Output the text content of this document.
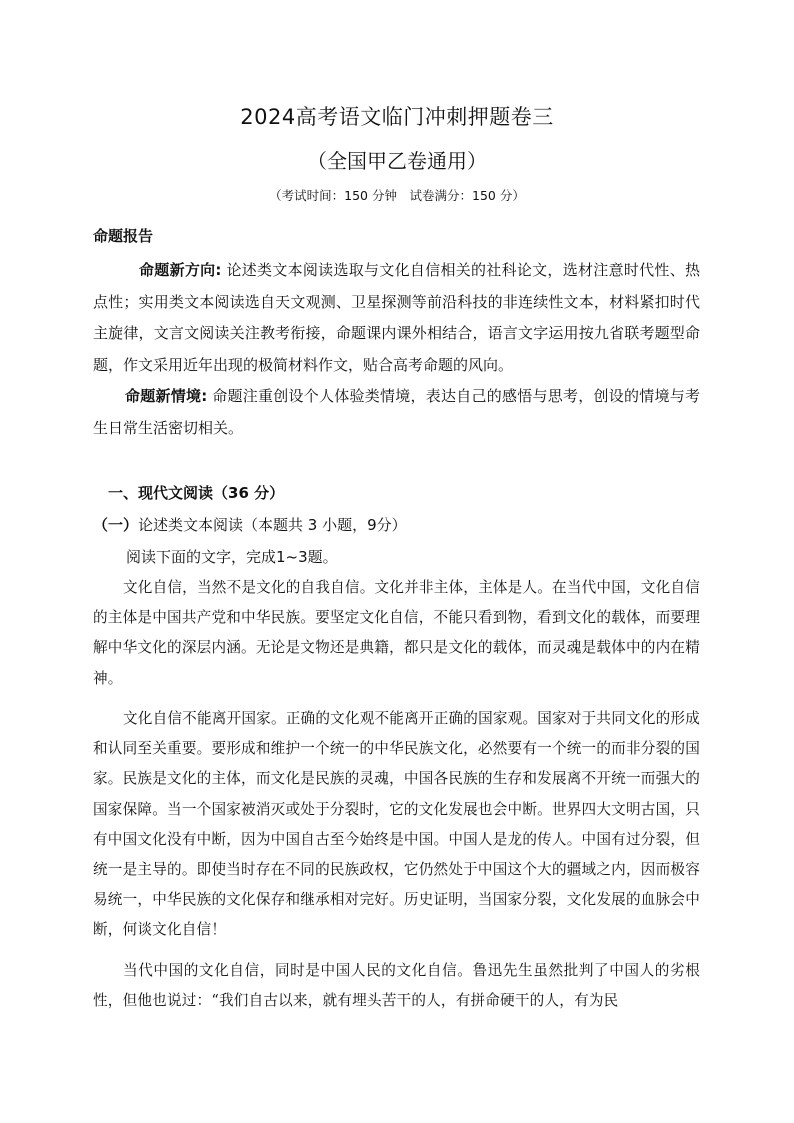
2024高考语文临门冲刺押题卷三
（全国甲乙卷通用）
（考试时间：150 分钟　试卷满分：150 分）
命题报告
命题新方向: 论述类文本阅读选取与文化自信相关的社科论文，选材注意时代性、热点性；实用类文本阅读选自天文观测、卫星探测等前沿科技的非连续性文本，材料紧扣时代主旋律，文言文阅读关注教考衔接，命题课内课外相结合，语言文字运用按九省联考题型命题，作文采用近年出现的极简材料作文，贴合高考命题的风向。
命题新情境: 命题注重创设个人体验类情境，表达自己的感悟与思考，创设的情境与考生日常生活密切相关。
一、现代文阅读（36 分）
（一）论述类文本阅读（本题共 3 小题，9分）
阅读下面的文字，完成1~3题。
文化自信，当然不是文化的自我自信。文化并非主体，主体是人。在当代中国，文化自信的主体是中国共产党和中华民族。要坚定文化自信，不能只看到物，看到文化的载体，而要理解中华文化的深层内涵。无论是文物还是典籍，都只是文化的载体，而灵魂是载体中的内在精神。
文化自信不能离开国家。正确的文化观不能离开正确的国家观。国家对于共同文化的形成和认同至关重要。要形成和维护一个统一的中华民族文化，必然要有一个统一的而非分裂的国家。民族是文化的主体，而文化是民族的灵魂，中国各民族的生存和发展离不开统一而强大的国家保障。当一个国家被消灭或处于分裂时，它的文化发展也会中断。世界四大文明古国，只有中国文化没有中断，因为中国自古至今始终是中国。中国人是龙的传人。中国有过分裂，但统一是主导的。即使当时存在不同的民族政权，它仍然处于中国这个大的疆域之内，因而极容易统一，中华民族的文化保存和继承相对完好。历史证明，当国家分裂，文化发展的血脉会中断，何谈文化自信！
当代中国的文化自信，同时是中国人民的文化自信。鲁迅先生虽然批判了中国人的劣根性，但他也说过：“我们自古以来，就有埋头苦干的人，有拼命硬干的人，有为民
